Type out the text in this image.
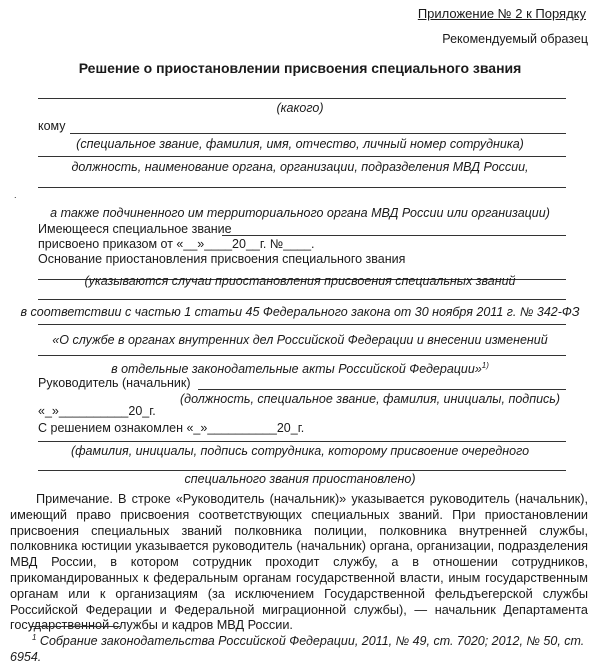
Приложение № 2 к Порядку
Рекомендуемый образец
Решение о приостановлении присвоения специального звания
(какого)
кому
(специальное звание, фамилия, имя, отчество, личный номер сотрудника)
должность, наименование органа, организации, подразделения МВД России,
.
а также подчиненного им территориального органа МВД России или организации)
Имеющееся специальное звание
присвоено приказом от «__»____20__г. №____.
Основание приостановления присвоения специального звания
(указываются случаи приостановления присвоения специальных званий
в соответствии с частью 1 статьи 45 Федерального закона от 30 ноября 2011 г. № 342-ФЗ
«О службе в органах внутренних дел Российской Федерации и внесении изменений
в отдельные законодательные акты Российской Федерации»$^{1)}$
Руководитель (начальник)
(должность, специальное звание, фамилия, инициалы, подпись)
«_»__________20_г.
С решением ознакомлен «_»__________20_г.
(фамилия, инициалы, подпись сотрудника, которому присвоение очередного
специального звания приостановлено)

Примечание. В строке «Руководитель (начальник)» указывается руководитель (начальник), имеющий право присвоения соответствующих специальных званий. При приостановлении присвоения специальных званий полковника полиции, полковника внутренней службы, полковника юстиции указывается руководитель (начальник) органа, организации, подразделения МВД России, в котором сотрудник проходит службу, а в отношении сотрудников, прикомандированных к федеральным органам государственной власти, иным государственным органам или к организациям (за исключением Государственной фельдъегерской службы Российской Федерации и Федеральной миграционной службы), — начальник Департамента государственной службы и кадров МВД России.

$^1$ Собрание законодательства Российской Федерации, 2011, № 49, ст. 7020; 2012, № 50, ст. 6954.
